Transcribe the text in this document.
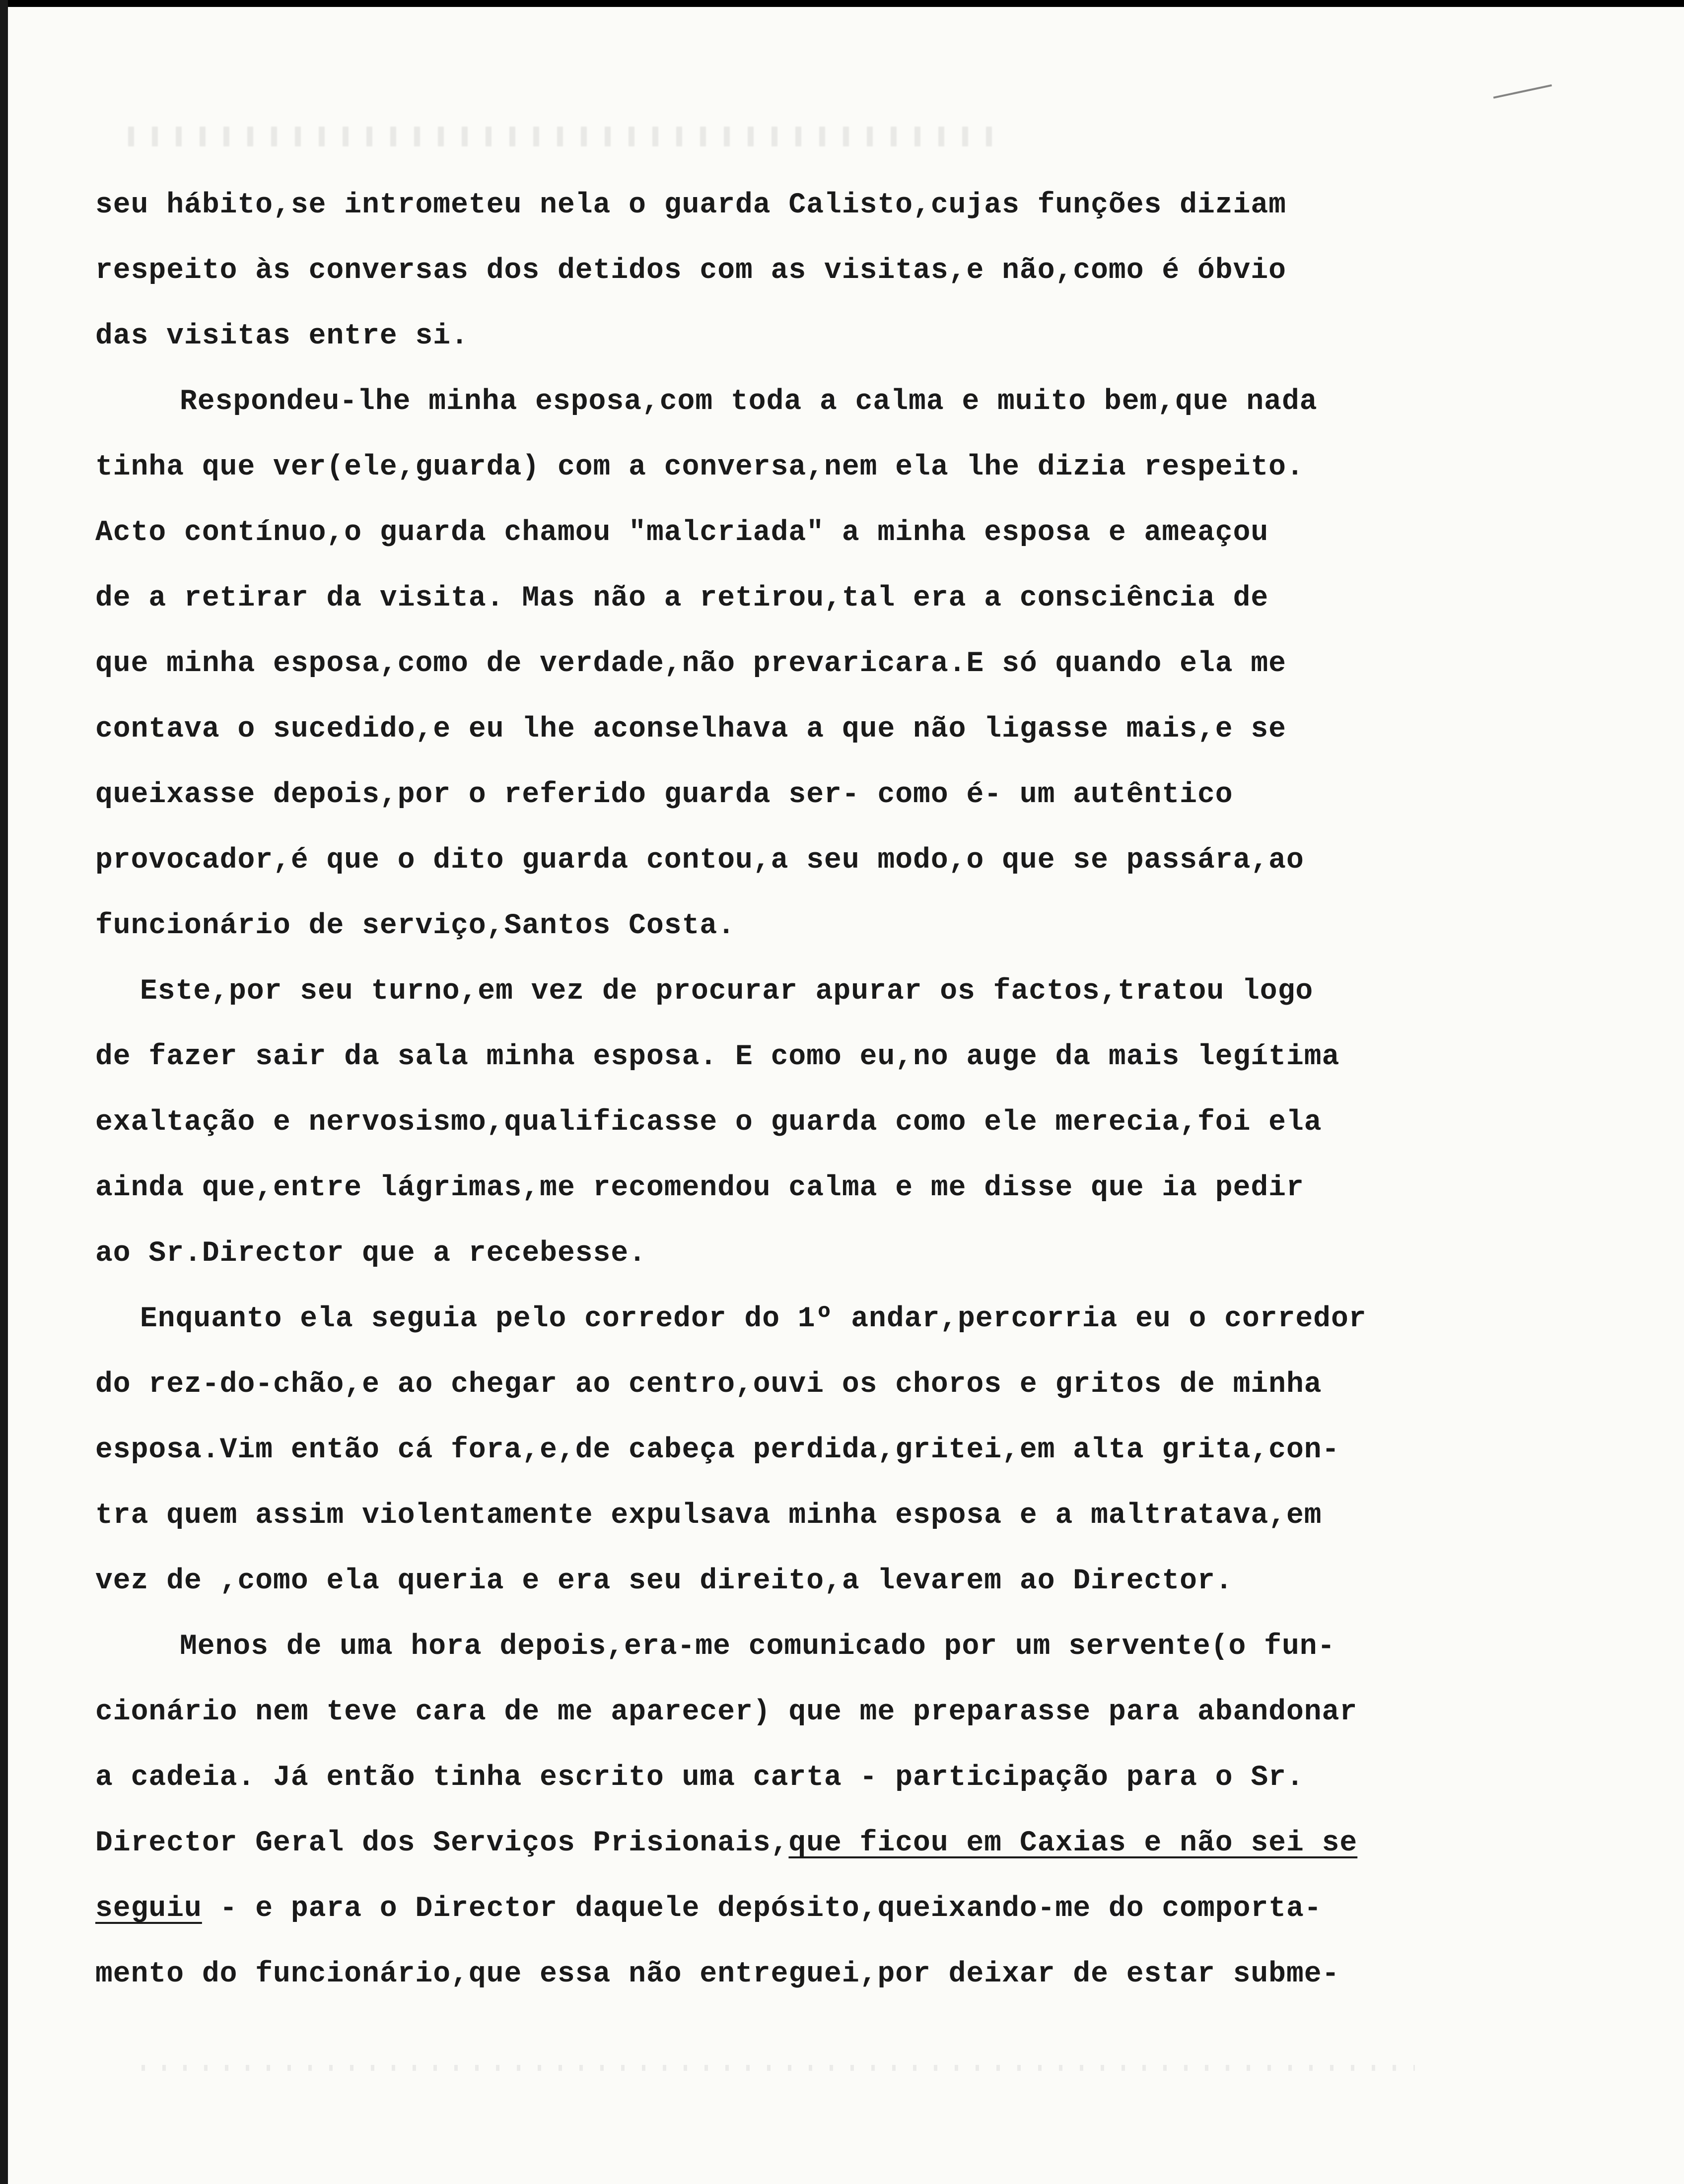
seu hábito,se intrometeu nela o guarda Calisto,cujas funções diziam
respeito às conversas dos detidos com as visitas,e não,como é óbvio
das visitas entre si.
Respondeu-lhe minha esposa,com toda a calma e muito bem,que nada
tinha que ver(ele,guarda) com a conversa,nem ela lhe dizia respeito.
Acto contínuo,o guarda chamou "malcriada" a minha esposa e ameaçou
de a retirar da visita. Mas não a retirou,tal era a consciência de
que minha esposa,como de verdade,não prevaricara.E só quando ela me
contava o sucedido,e eu lhe aconselhava a que não ligasse mais,e se
queixasse depois,por o referido guarda ser- como é- um autêntico
provocador,é que o dito guarda contou,a seu modo,o que se passára,ao
funcionário de serviço,Santos Costa.
Este,por seu turno,em vez de procurar apurar os factos,tratou logo
de fazer sair da sala minha esposa. E como eu,no auge da mais legítima
exaltação e nervosismo,qualificasse o guarda como ele merecia,foi ela
ainda que,entre lágrimas,me recomendou calma e me disse que ia pedir
ao Sr.Director que a recebesse.
Enquanto ela seguia pelo corredor do 1º andar,percorria eu o corredor
do rez-do-chão,e ao chegar ao centro,ouvi os choros e gritos de minha
esposa.Vim então cá fora,e,de cabeça perdida,gritei,em alta grita,con-
tra quem assim violentamente expulsava minha esposa e a maltratava,em
vez de ,como ela queria e era seu direito,a levarem ao Director.
Menos de uma hora depois,era-me comunicado por um servente(o fun-
cionário nem teve cara de me aparecer) que me preparasse para abandonar
a cadeia. Já então tinha escrito uma carta - participação para o Sr.
Director Geral dos Serviços Prisionais,que ficou em Caxias e não sei se
seguiu - e para o Director daquele depósito,queixando-me do comporta-
mento do funcionário,que essa não entreguei,por deixar de estar subme-
